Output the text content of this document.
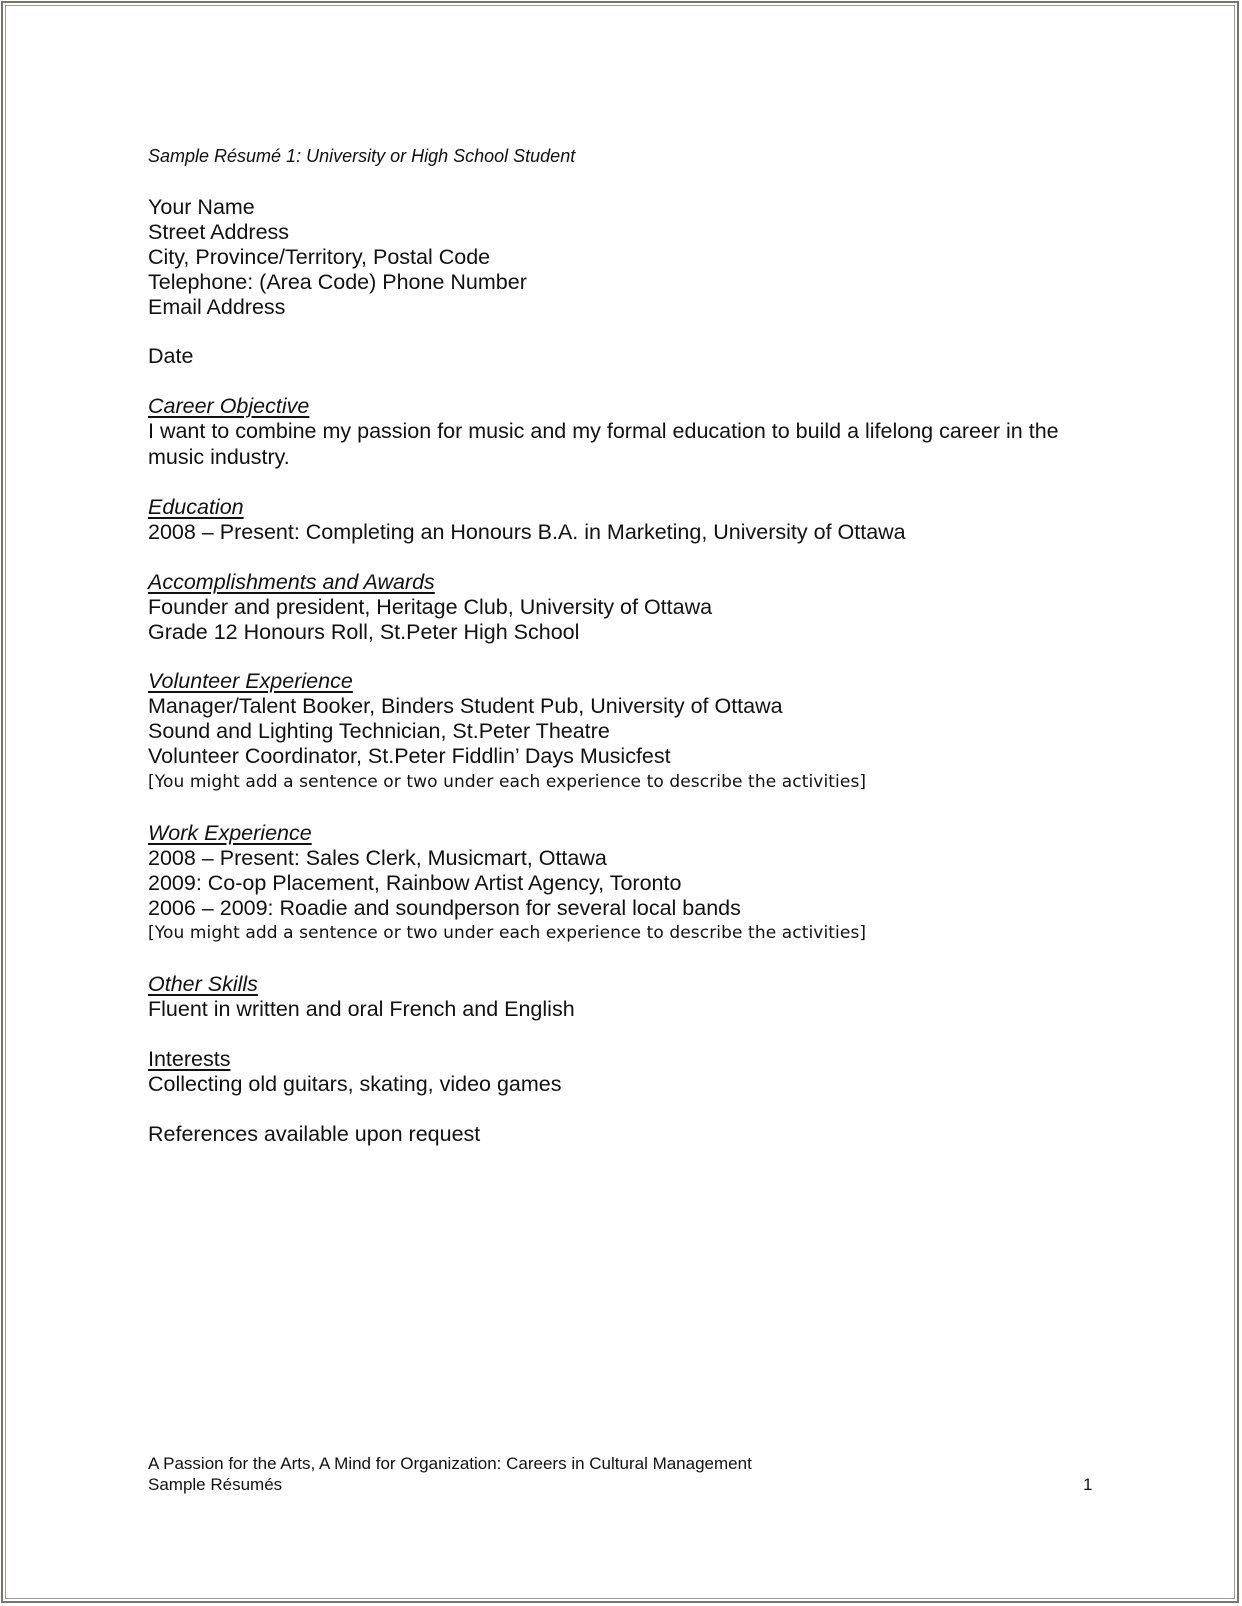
Sample Résumé 1: University or High School Student
Your Name
Street Address
City, Province/Territory, Postal Code
Telephone: (Area Code) Phone Number
Email Address
Date
Career Objective
I want to combine my passion for music and my formal education to build a lifelong career in the
music industry.
Education
2008 – Present: Completing an Honours B.A. in Marketing, University of Ottawa
Accomplishments and Awards
Founder and president, Heritage Club, University of Ottawa
Grade 12 Honours Roll, St.Peter High School
Volunteer Experience
Manager/Talent Booker, Binders Student Pub, University of Ottawa
Sound and Lighting Technician, St.Peter Theatre
Volunteer Coordinator, St.Peter Fiddlin’ Days Musicfest
[You might add a sentence or two under each experience to describe the activities]
Work Experience
2008 – Present: Sales Clerk, Musicmart, Ottawa
2009: Co-op Placement, Rainbow Artist Agency, Toronto
2006 – 2009: Roadie and soundperson for several local bands
[You might add a sentence or two under each experience to describe the activities]
Other Skills
Fluent in written and oral French and English
Interests
Collecting old guitars, skating, video games
References available upon request
A Passion for the Arts, A Mind for Organization: Careers in Cultural Management
Sample Résumés	1
